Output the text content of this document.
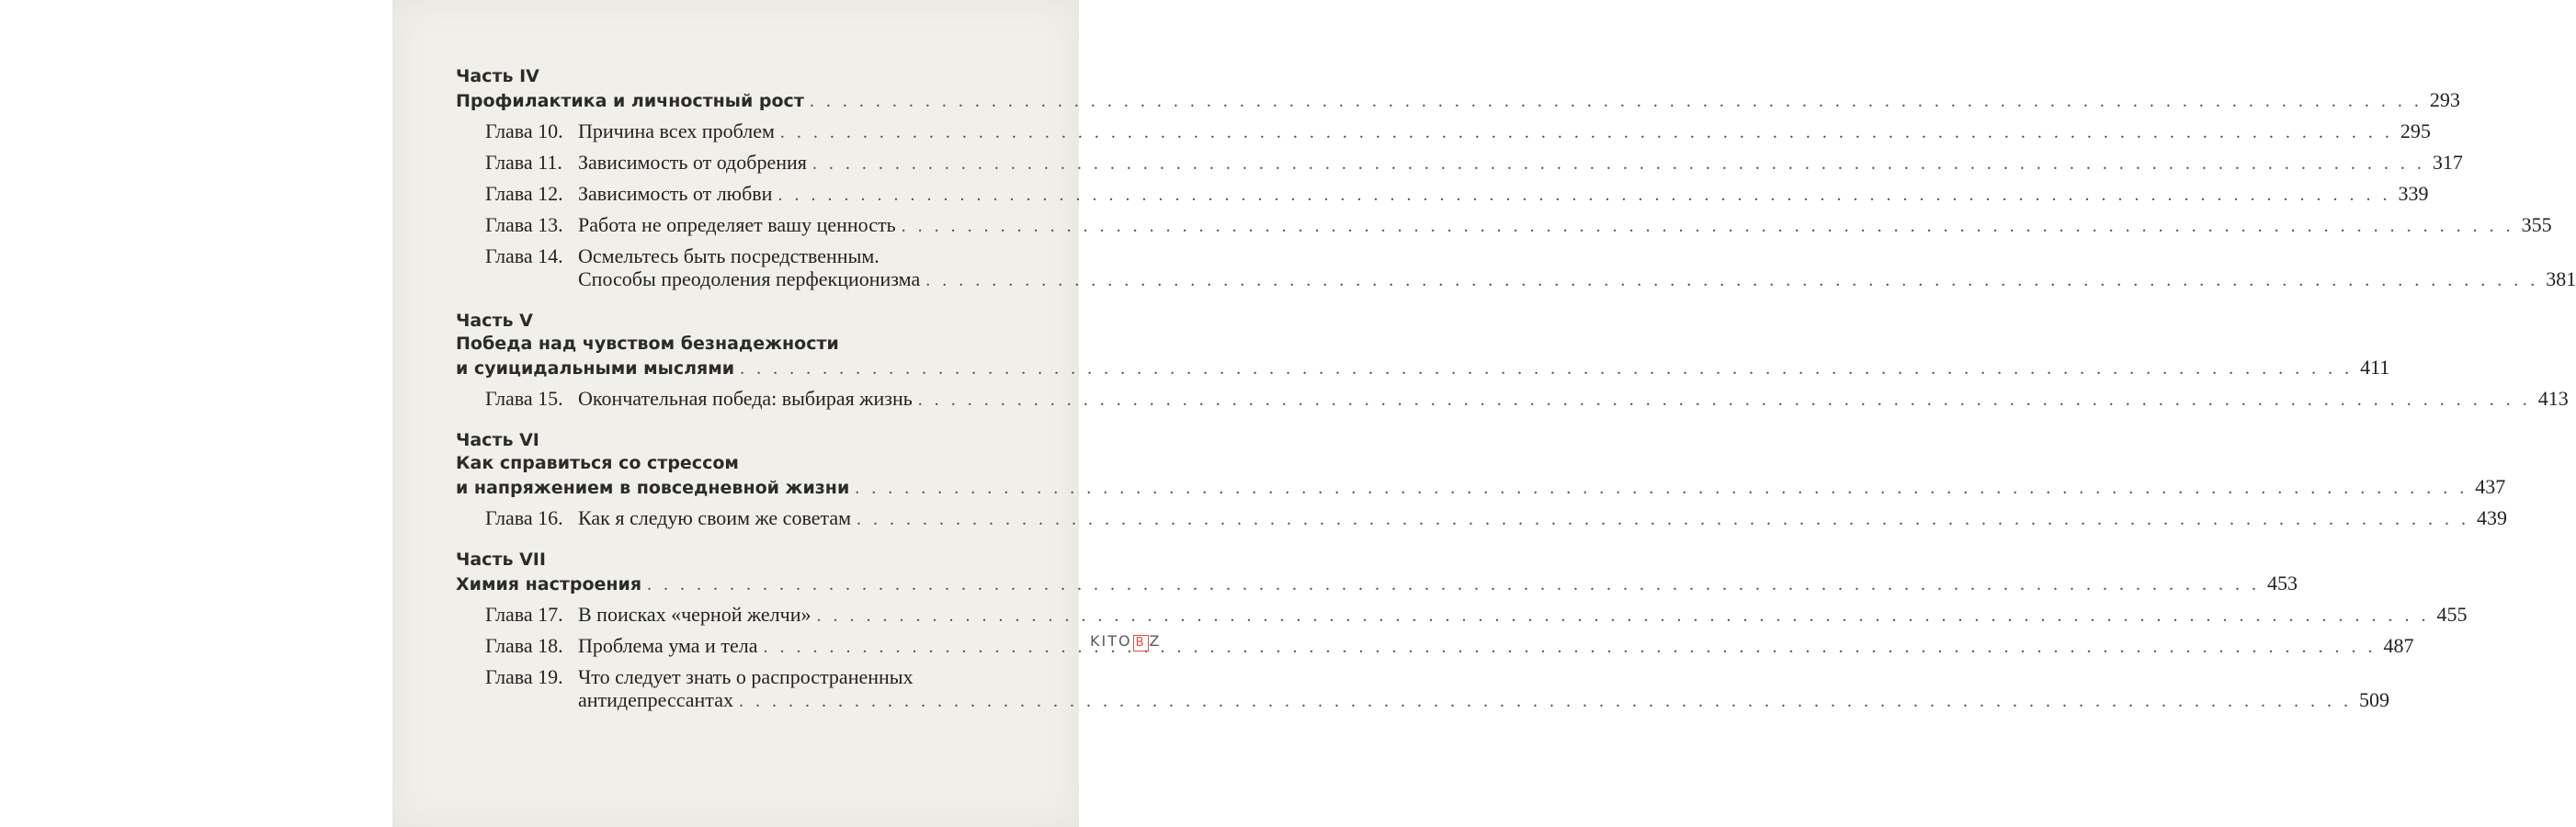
Часть IV
Профилактика и личностный рост . . .	293
Глава 10. Причина всех проблем . . .	295
Глава 11. Зависимость от одобрения . . .	317
Глава 12. Зависимость от любви . . .	339
Глава 13. Работа не определяет вашу ценность . . .	355
Глава 14. Осмельтесь быть посредственным.
Способы преодоления перфекционизма . . .	381
Часть V
Победа над чувством безнадежности
и суицидальными мыслями . . .	411
Глава 15. Окончательная победа: выбирая жизнь . . .	413
Часть VI
Как справиться со стрессом
и напряжением в повседневной жизни . . .	437
Глава 16. Как я следую своим же советам . . .	439
Часть VII
Химия настроения . . .	453
Глава 17. В поисках «черной желчи» . . .	455
Глава 18. Проблема ума и тела . . .	487
Глава 19. Что следует знать о распространенных
антидепрессантах . . .	509
KITO B Z
